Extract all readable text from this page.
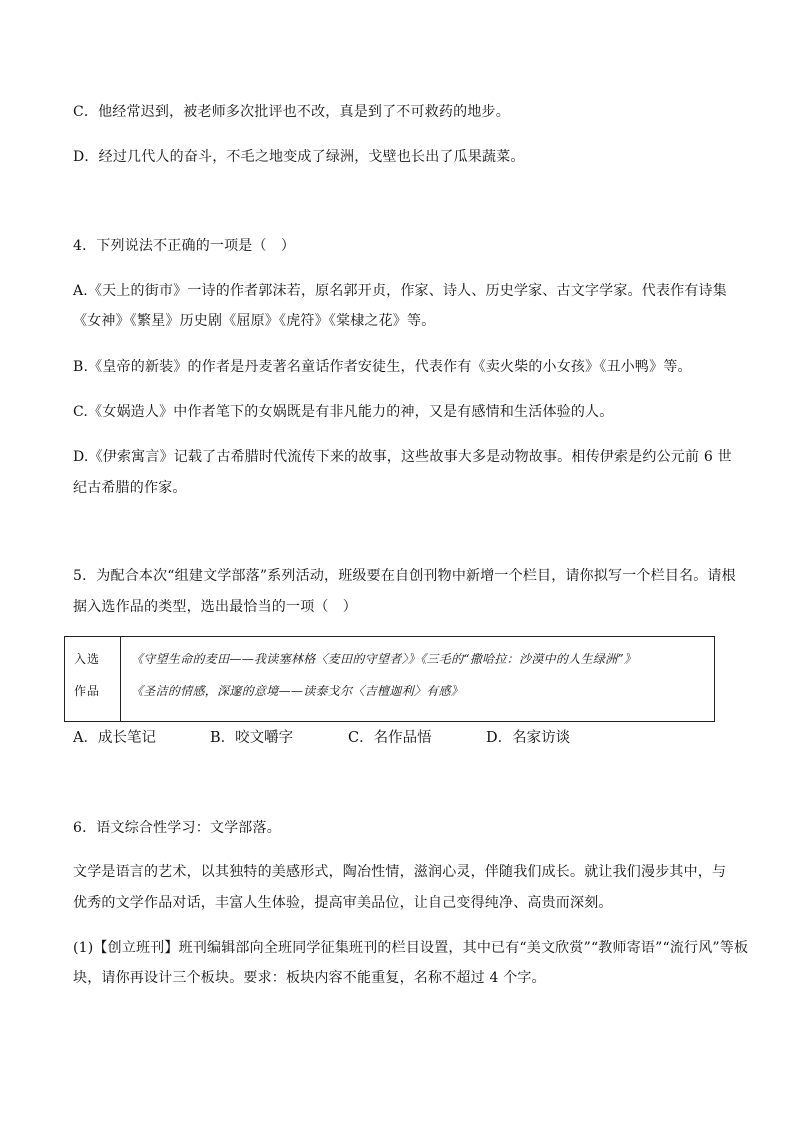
C．他经常迟到，被老师多次批评也不改，真是到了不可救药的地步。
D．经过几代人的奋斗，不毛之地变成了绿洲，戈壁也长出了瓜果蔬菜。
4．下列说法不正确的一项是（　）
A.《天上的街市》一诗的作者郭沫若，原名郭开贞，作家、诗人、历史学家、古文字学家。代表作有诗集
《女神》《繁星》历史剧《屈原》《虎符》《棠棣之花》等。
B.《皇帝的新装》的作者是丹麦著名童话作者安徒生，代表作有《卖火柴的小女孩》《丑小鸭》等。
C.《女娲造人》中作者笔下的女娲既是有非凡能力的神，又是有感情和生活体验的人。
D.《伊索寓言》记载了古希腊时代流传下来的故事，这些故事大多是动物故事。相传伊索是约公元前 6 世
纪古希腊的作家。
5．为配合本次“组建文学部落”系列活动，班级要在自创刊物中新增一个栏目，请你拟写一个栏目名。请根
据入选作品的类型，选出最恰当的一项（　）
入选
作品

《守望生命的麦田——我读塞林格〈麦田的守望者〉》《三毛的“撒哈拉：沙漠中的人生绿洲”》
《圣洁的情感，深邃的意境——读泰戈尔〈吉檀迦利〉有感》
A．成长笔记	B．咬文嚼字	C．名作品悟	D．名家访谈
6．语文综合性学习：文学部落。
文学是语言的艺术，以其独特的美感形式，陶冶性情，滋润心灵，伴随我们成长。就让我们漫步其中，与
优秀的文学作品对话，丰富人生体验，提高审美品位，让自己变得纯净、高贵而深刻。
(1)【创立班刊】班刊编辑部向全班同学征集班刊的栏目设置，其中已有“美文欣赏”“教师寄语”“流行风”等板
块，请你再设计三个板块。要求：板块内容不能重复，名称不超过 4 个字。
